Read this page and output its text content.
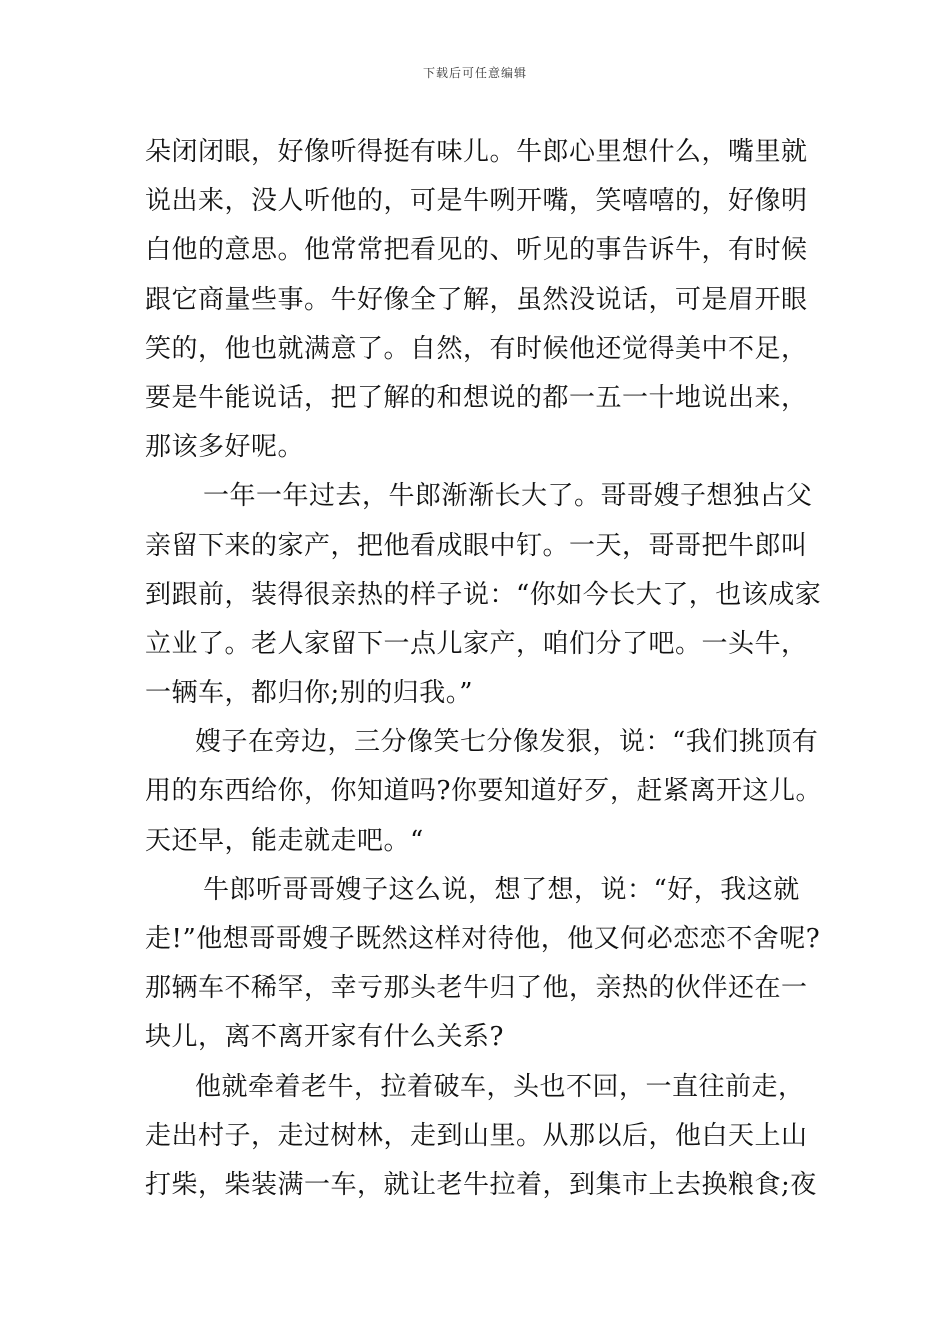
下载后可任意编辑
朵闭闭眼，好像听得挺有味儿。牛郎心里想什么，嘴里就
说出来，没人听他的，可是牛咧开嘴，笑嘻嘻的，好像明
白他的意思。他常常把看见的、听见的事告诉牛，有时候
跟它商量些事。牛好像全了解，虽然没说话，可是眉开眼
笑的，他也就满意了。自然，有时候他还觉得美中不足，
要是牛能说话，把了解的和想说的都一五一十地说出来，
那该多好呢。
一年一年过去，牛郎渐渐长大了。哥哥嫂子想独占父
亲留下来的家产，把他看成眼中钉。一天，哥哥把牛郎叫
到跟前，装得很亲热的样子说：“你如今长大了，也该成家
立业了。老人家留下一点儿家产，咱们分了吧。一头牛，
一辆车，都归你;别的归我。”
嫂子在旁边，三分像笑七分像发狠，说：“我们挑顶有
用的东西给你，你知道吗?你要知道好歹，赶紧离开这儿。
天还早，能走就走吧。“
牛郎听哥哥嫂子这么说，想了想，说：“好，我这就
走!”他想哥哥嫂子既然这样对待他，他又何必恋恋不舍呢?
那辆车不稀罕，幸亏那头老牛归了他，亲热的伙伴还在一
块儿，离不离开家有什么关系?
他就牵着老牛，拉着破车，头也不回，一直往前走，
走出村子，走过树林，走到山里。从那以后，他白天上山
打柴，柴装满一车，就让老牛拉着，到集市上去换粮食;夜
